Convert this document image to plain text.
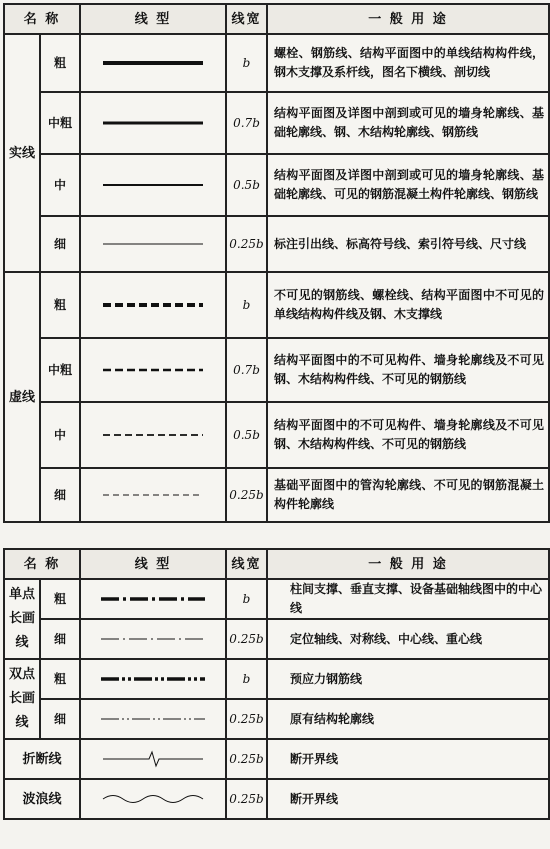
名 称		线 型	线宽	一 般 用 途
实线	粗		b	螺栓、钢筋线、结构平面图中的单线结构构件线，钢木支撑及系杆线，图名下横线、剖切线
	中粗		0.7b	结构平面图及详图中剖到或可见的墙身轮廓线、基础轮廓线、钢、木结构轮廓线、钢筋线
	中		0.5b	结构平面图及详图中剖到或可见的墙身轮廓线、基础轮廓线、可见的钢筋混凝土构件轮廓线、钢筋线
	细		0.25b	标注引出线、标高符号线、索引符号线、尺寸线
虚线	粗		b	不可见的钢筋线、螺栓线、结构平面图中不可见的单线结构构件线及钢、木支撑线
	中粗		0.7b	结构平面图中的不可见构件、墙身轮廓线及不可见钢、木结构构件线、不可见的钢筋线
	中		0.5b	结构平面图中的不可见构件、墙身轮廓线及不可见钢、木结构构件线、不可见的钢筋线
	细		0.25b	基础平面图中的管沟轮廓线、不可见的钢筋混凝土构件轮廓线
名 称		线 型	线宽	一 般 用 途
单点长画线	粗		b	柱间支撑、垂直支撑、设备基础轴线图中的中心线
	细		0.25b	定位轴线、对称线、中心线、重心线
双点长画线	粗		b	预应力钢筋线
	细		0.25b	原有结构轮廓线
折断线			0.25b	断开界线
波浪线			0.25b	断开界线
